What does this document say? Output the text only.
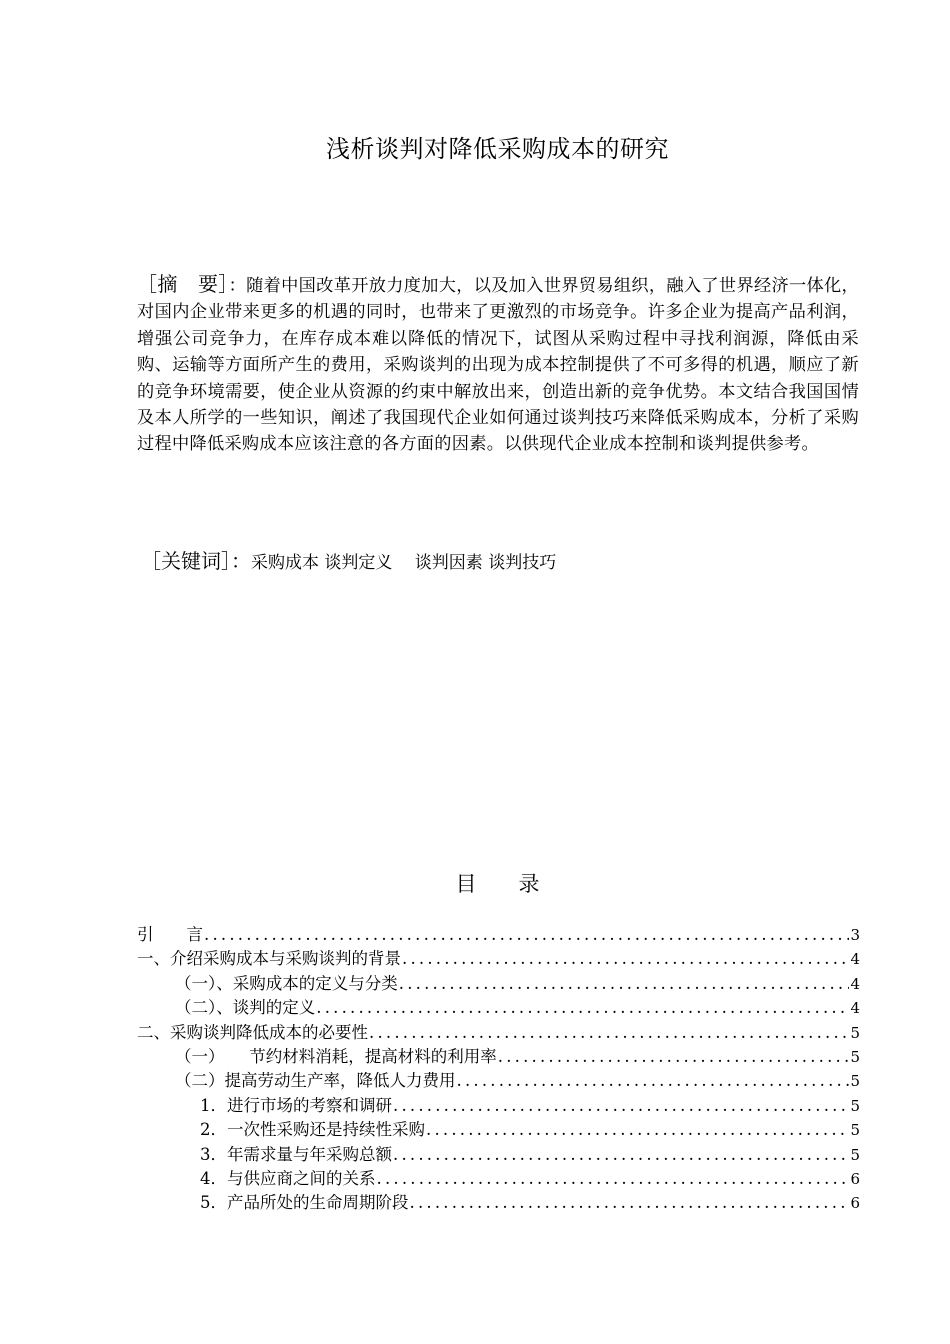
浅析谈判对降低采购成本的研究
［摘　要］：随着中国改革开放力度加大，以及加入世界贸易组织，融入了世界经济一体化，对国内企业带来更多的机遇的同时，也带来了更激烈的市场竞争。许多企业为提高产品利润，增强公司竞争力，在库存成本难以降低的情况下，试图从采购过程中寻找利润源，降低由采购、运输等方面所产生的费用，采购谈判的出现为成本控制提供了不可多得的机遇，顺应了新的竞争环境需要，使企业从资源的约束中解放出来，创造出新的竞争优势。本文结合我国国情及本人所学的一些知识，阐述了我国现代企业如何通过谈判技巧来降低采购成本，分析了采购过程中降低采购成本应该注意的各方面的因素。以供现代企业成本控制和谈判提供参考。
［关键词］：采购成本 谈判定义　 谈判因素 谈判技巧
目　　录
引　　言 .....	3
一、介绍采购成本与采购谈判的背景 .....	4
（一）、采购成本的定义与分类 .....	4
（二）、谈判的定义 .....	4
二、采购谈判降低成本的必要性 .....	5
（一）　　节约材料消耗，提高材料的利用率 .....	5
（二）提高劳动生产率，降低人力费用 .....	5
1．进行市场的考察和调研 .....	5
2．一次性采购还是持续性采购 .....	5
3．年需求量与年采购总额 .....	5
4．与供应商之间的关系 .....	6
5．产品所处的生命周期阶段 .....	6
